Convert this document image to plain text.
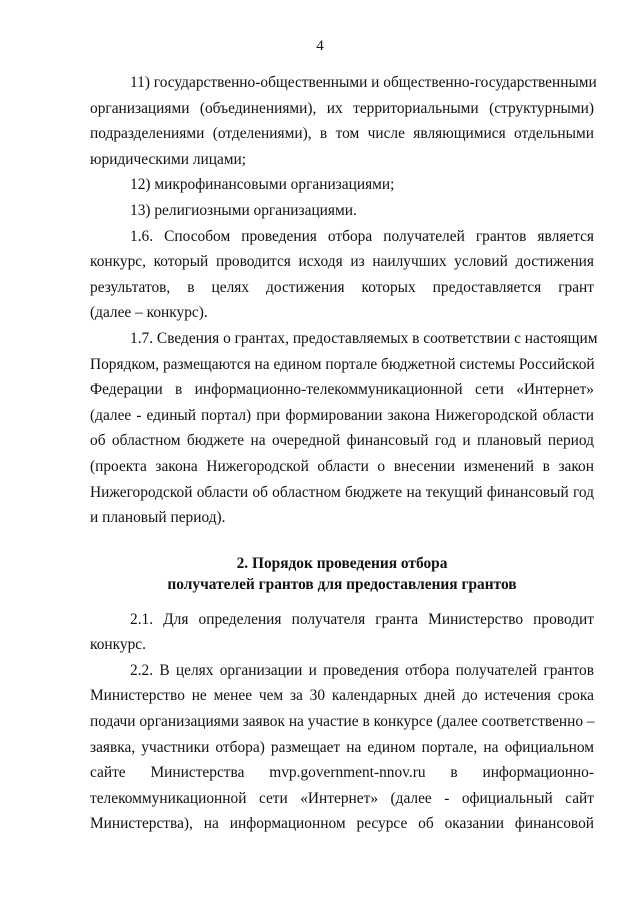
4
11) государственно-общественными и общественно-государственными
организациями (объединениями), их территориальными (структурными)
подразделениями (отделениями), в том числе являющимися отдельными
юридическими лицами;

12) микрофинансовыми организациями;

13) религиозными организациями.

1.6. Способом проведения отбора получателей грантов является
конкурс, который проводится исходя из наилучших условий достижения
результатов, в целях достижения которых предоставляется грант
(далее – конкурс).
1.7. Сведения о грантах, предоставляемых в соответствии с настоящим
Порядком, размещаются на едином портале бюджетной системы Российской
Федерации в информационно-телекоммуникационной сети «Интернет»
(далее - единый портал) при формировании закона Нижегородской области
об областном бюджете на очередной финансовый год и плановый период
(проекта закона Нижегородской области о внесении изменений в закон
Нижегородской области об областном бюджете на текущий финансовый год
и плановый период).
2. Порядок проведения отбора
получателей грантов для предоставления грантов
2.1. Для определения получателя гранта Министерство проводит
конкурс.
2.2. В целях организации и проведения отбора получателей грантов
Министерство не менее чем за 30 календарных дней до истечения срока
подачи организациями заявок на участие в конкурсе (далее соответственно –
заявка, участники отбора) размещает на едином портале, на официальном
сайте Министерства mvp.government-nnov.ru в информационно-
телекоммуникационной сети «Интернет» (далее - официальный сайт
Министерства), на информационном ресурсе об оказании финансовой
